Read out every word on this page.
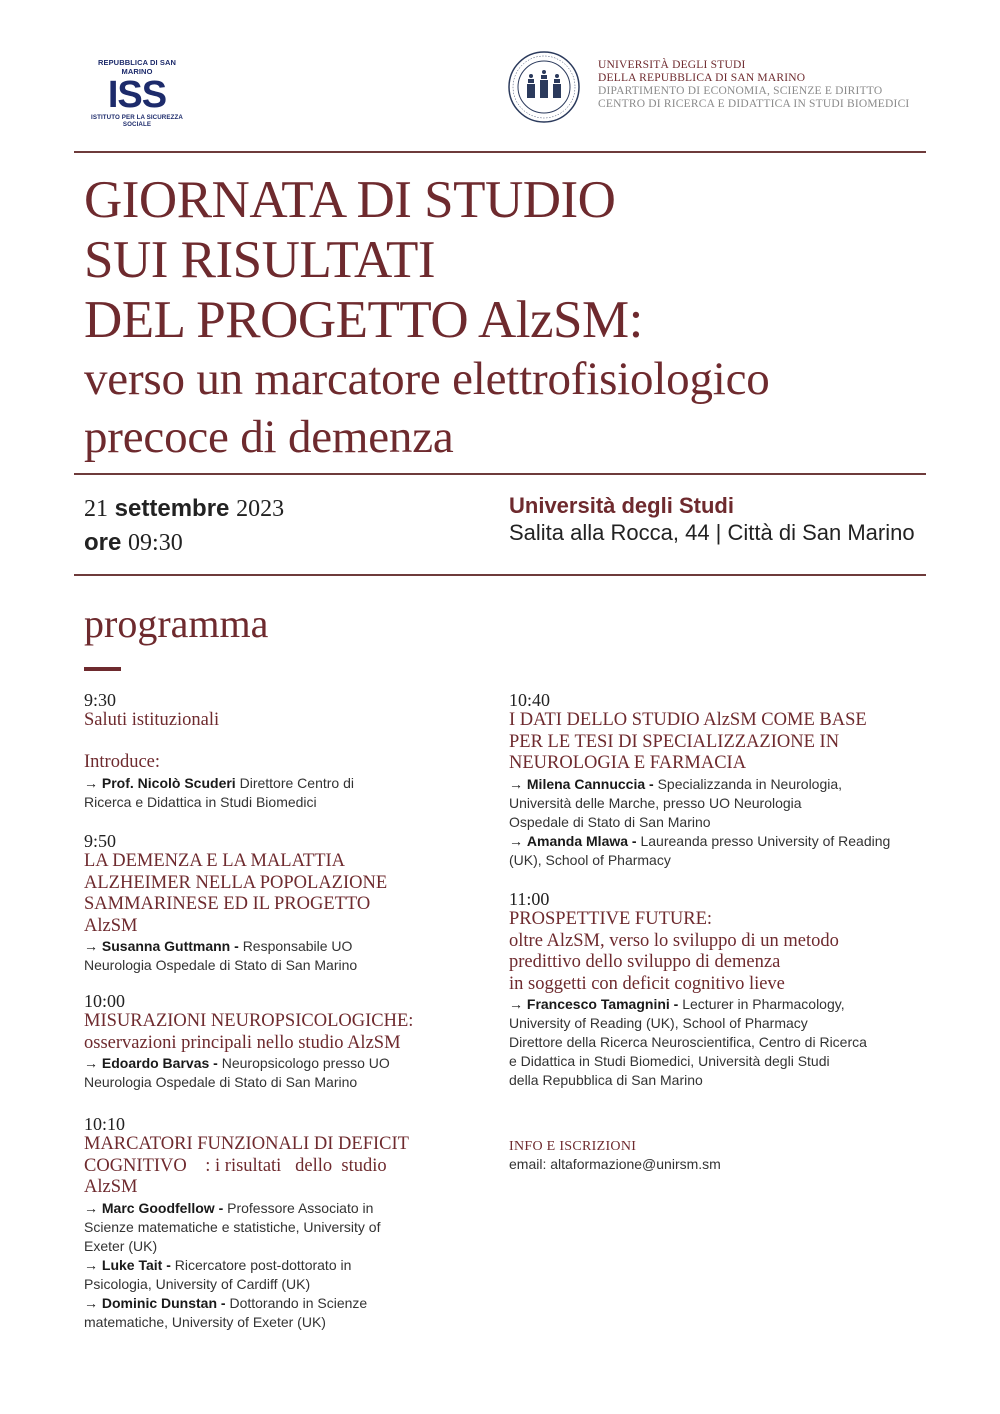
REPUBBLICA DI SAN MARINO
ISS
ISTITUTO PER LA SICUREZZA SOCIALE
UNIVERSITÀ DEGLI STUDI
DELLA REPUBBLICA DI SAN MARINO
DIPARTIMENTO DI ECONOMIA, SCIENZE E DIRITTO
CENTRO DI RICERCA E DIDATTICA IN STUDI BIOMEDICI
GIORNATA DI STUDIO
SUI RISULTATI
DEL PROGETTO AlzSM:
verso un marcatore elettrofisiologico
precoce di demenza
21 settembre 2023
ore 09:30
Università degli Studi
Salita alla Rocca, 44 | Città di San Marino
programma
9:30
Saluti istituzionali
Introduce:
→ Prof. Nicolò Scuderi Direttore Centro di
Ricerca e Didattica in Studi Biomedici
9:50
LA DEMENZA E LA MALATTIA
ALZHEIMER NELLA POPOLAZIONE
SAMMARINESE ED IL PROGETTO
AlzSM
→ Susanna Guttmann - Responsabile UO
Neurologia Ospedale di Stato di San Marino
10:00
MISURAZIONI NEUROPSICOLOGICHE:
osservazioni principali nello studio AlzSM
→ Edoardo Barvas - Neuropsicologo presso UO
Neurologia Ospedale di Stato di San Marino
10:10
MARCATORI FUNZIONALI DI DEFICIT
COGNITIVO    : i risultati   dello  studio
AlzSM
→ Marc Goodfellow - Professore Associato in
Scienze matematiche e statistiche, University of
Exeter (UK)
→ Luke Tait - Ricercatore post-dottorato in
Psicologia, University of Cardiff (UK)
→ Dominic Dunstan - Dottorando in Scienze
matematiche, University of Exeter (UK)
10:40
I DATI DELLO STUDIO AlzSM COME BASE
PER LE TESI DI SPECIALIZZAZIONE IN
NEUROLOGIA E FARMACIA
→ Milena Cannuccia - Specializzanda in Neurologia,
Università delle Marche, presso UO Neurologia
Ospedale di Stato di San Marino
→ Amanda Mlawa - Laureanda presso University of Reading
(UK), School of Pharmacy
11:00
PROSPETTIVE FUTURE:
oltre AlzSM, verso lo sviluppo di un metodo
predittivo dello sviluppo di demenza
in soggetti con deficit cognitivo lieve
→ Francesco Tamagnini - Lecturer in Pharmacology,
University of Reading (UK), School of Pharmacy
Direttore della Ricerca Neuroscientifica, Centro di Ricerca
e Didattica in Studi Biomedici, Università degli Studi
della Repubblica di San Marino
INFO E ISCRIZIONI
email: altaformazione@unirsm.sm
